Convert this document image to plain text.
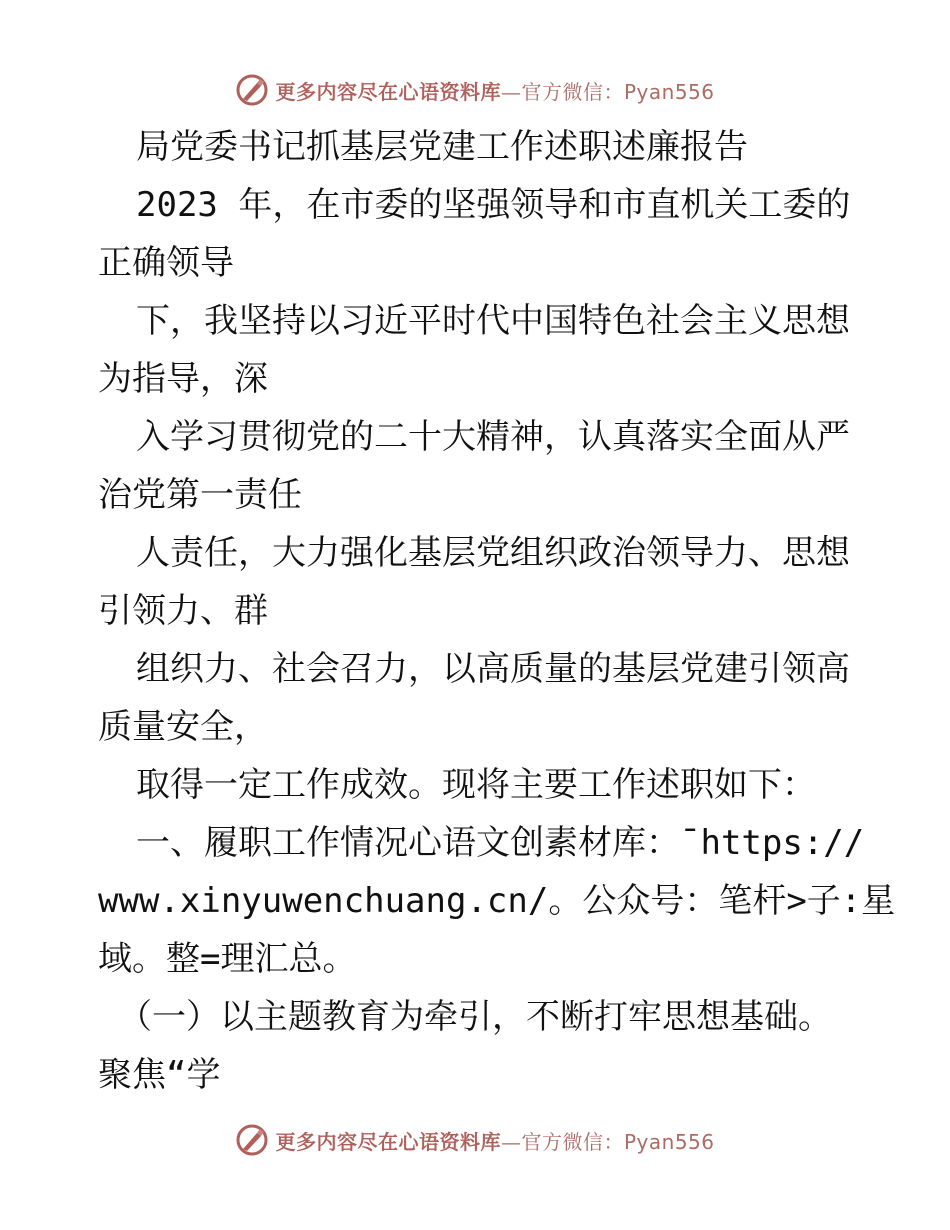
更多内容尽在心语资料库—官方微信：Pyan556
局党委书记抓基层党建工作述职述廉报告
2023 年，在市委的坚强领导和市直机关工委的
正确领导
下，我坚持以习近平时代中国特色社会主义思想
为指导，深
入学习贯彻党的二十大精神，认真落实全面从严
治党第一责任
人责任，大力强化基层党组织政治领导力、思想
引领力、群
组织力、社会召力，以高质量的基层党建引领高
质量安全，
取得一定工作成效。现将主要工作述职如下：
一、履职工作情况心语文创素材库：¯https://
www.xinyuwenchuang.cn/。公众号：笔杆>子:星
域。整=理汇总。
（一）以主题教育为牵引，不断打牢思想基础。
聚焦“学
更多内容尽在心语资料库—官方微信：Pyan556
